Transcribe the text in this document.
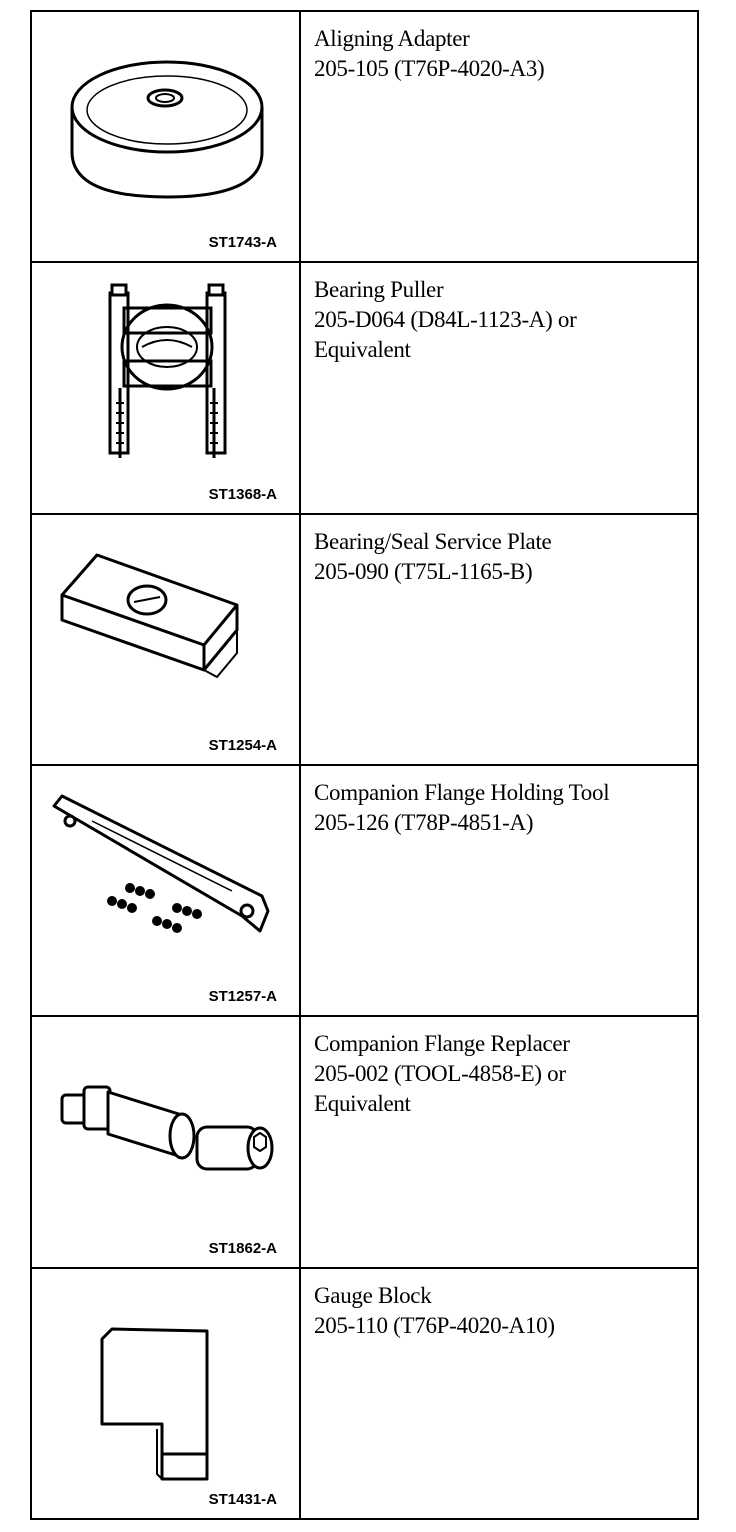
ST1743-A
Aligning Adapter
205-105 (T76P-4020-A3)
ST1368-A
Bearing Puller
205-D064 (D84L-1123-A) or
Equivalent
ST1254-A
Bearing/Seal Service Plate
205-090 (T75L-1165-B)
ST1257-A
Companion Flange Holding Tool
205-126 (T78P-4851-A)
ST1862-A
Companion Flange Replacer
205-002 (TOOL-4858-E) or
Equivalent
ST1431-A
Gauge Block
205-110 (T76P-4020-A10)
